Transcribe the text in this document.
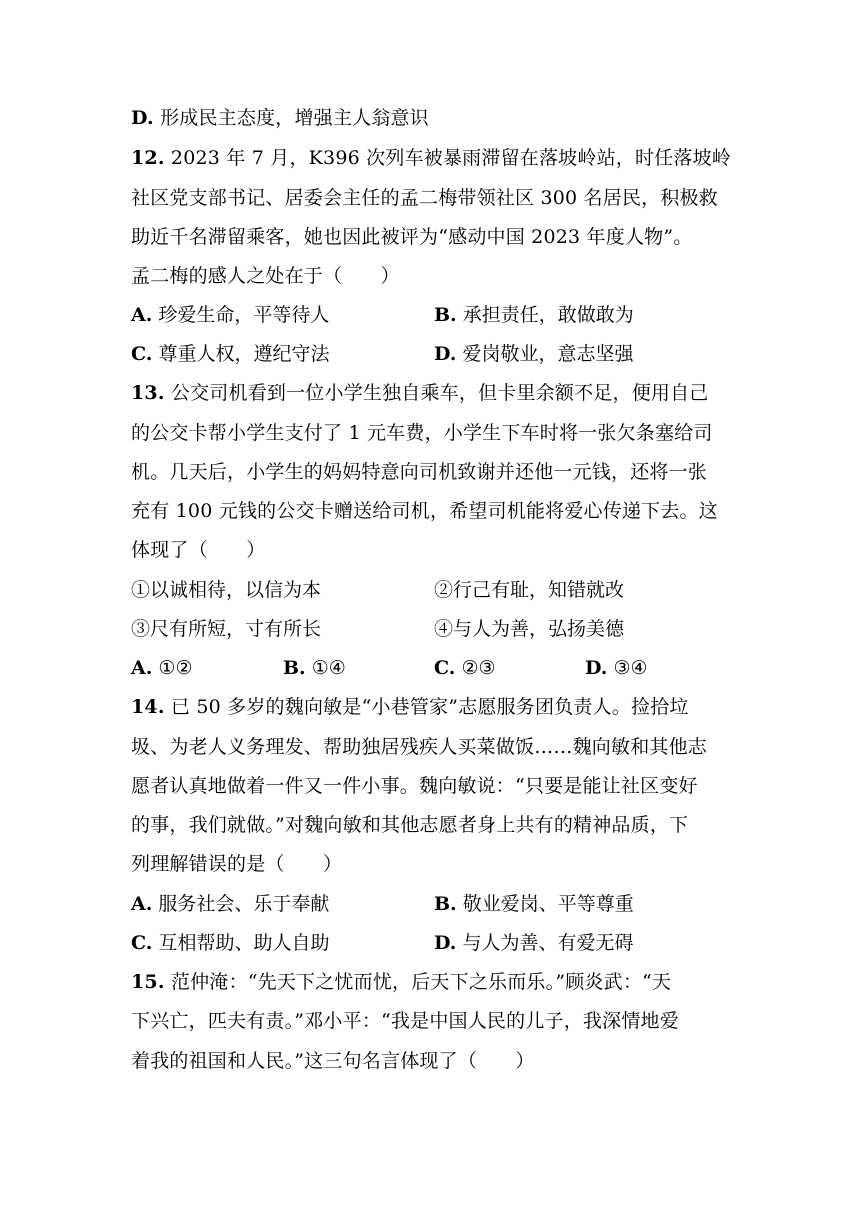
D. 形成民主态度，增强主人翁意识
12. 2023 年 7 月，K396 次列车被暴雨滞留在落坡岭站，时任落坡岭
社区党支部书记、居委会主任的孟二梅带领社区 300 名居民，积极救
助近千名滞留乘客，她也因此被评为“感动中国 2023 年度人物”。
孟二梅的感人之处在于（　　）
A. 珍爱生命，平等待人	B. 承担责任，敢做敢为
C. 尊重人权，遵纪守法	D. 爱岗敬业，意志坚强
13. 公交司机看到一位小学生独自乘车，但卡里余额不足，便用自己
的公交卡帮小学生支付了 1 元车费，小学生下车时将一张欠条塞给司
机。几天后，小学生的妈妈特意向司机致谢并还他一元钱，还将一张
充有 100 元钱的公交卡赠送给司机，希望司机能将爱心传递下去。这
体现了（　　）
①以诚相待，以信为本	②行己有耻，知错就改
③尺有所短，寸有所长	④与人为善，弘扬美德
A. ①②	B. ①④	C. ②③	D. ③④
14. 已 50 多岁的魏向敏是“小巷管家”志愿服务团负责人。捡拾垃
圾、为老人义务理发、帮助独居残疾人买菜做饭……魏向敏和其他志
愿者认真地做着一件又一件小事。魏向敏说：“只要是能让社区变好
的事，我们就做。”对魏向敏和其他志愿者身上共有的精神品质，下
列理解错误的是（　　）
A. 服务社会、乐于奉献	B. 敬业爱岗、平等尊重
C. 互相帮助、助人自助	D. 与人为善、有爱无碍
15. 范仲淹：“先天下之忧而忧，后天下之乐而乐。”顾炎武：“天
下兴亡，匹夫有责。”邓小平：“我是中国人民的儿子，我深情地爱
着我的祖国和人民。”这三句名言体现了（　　）
